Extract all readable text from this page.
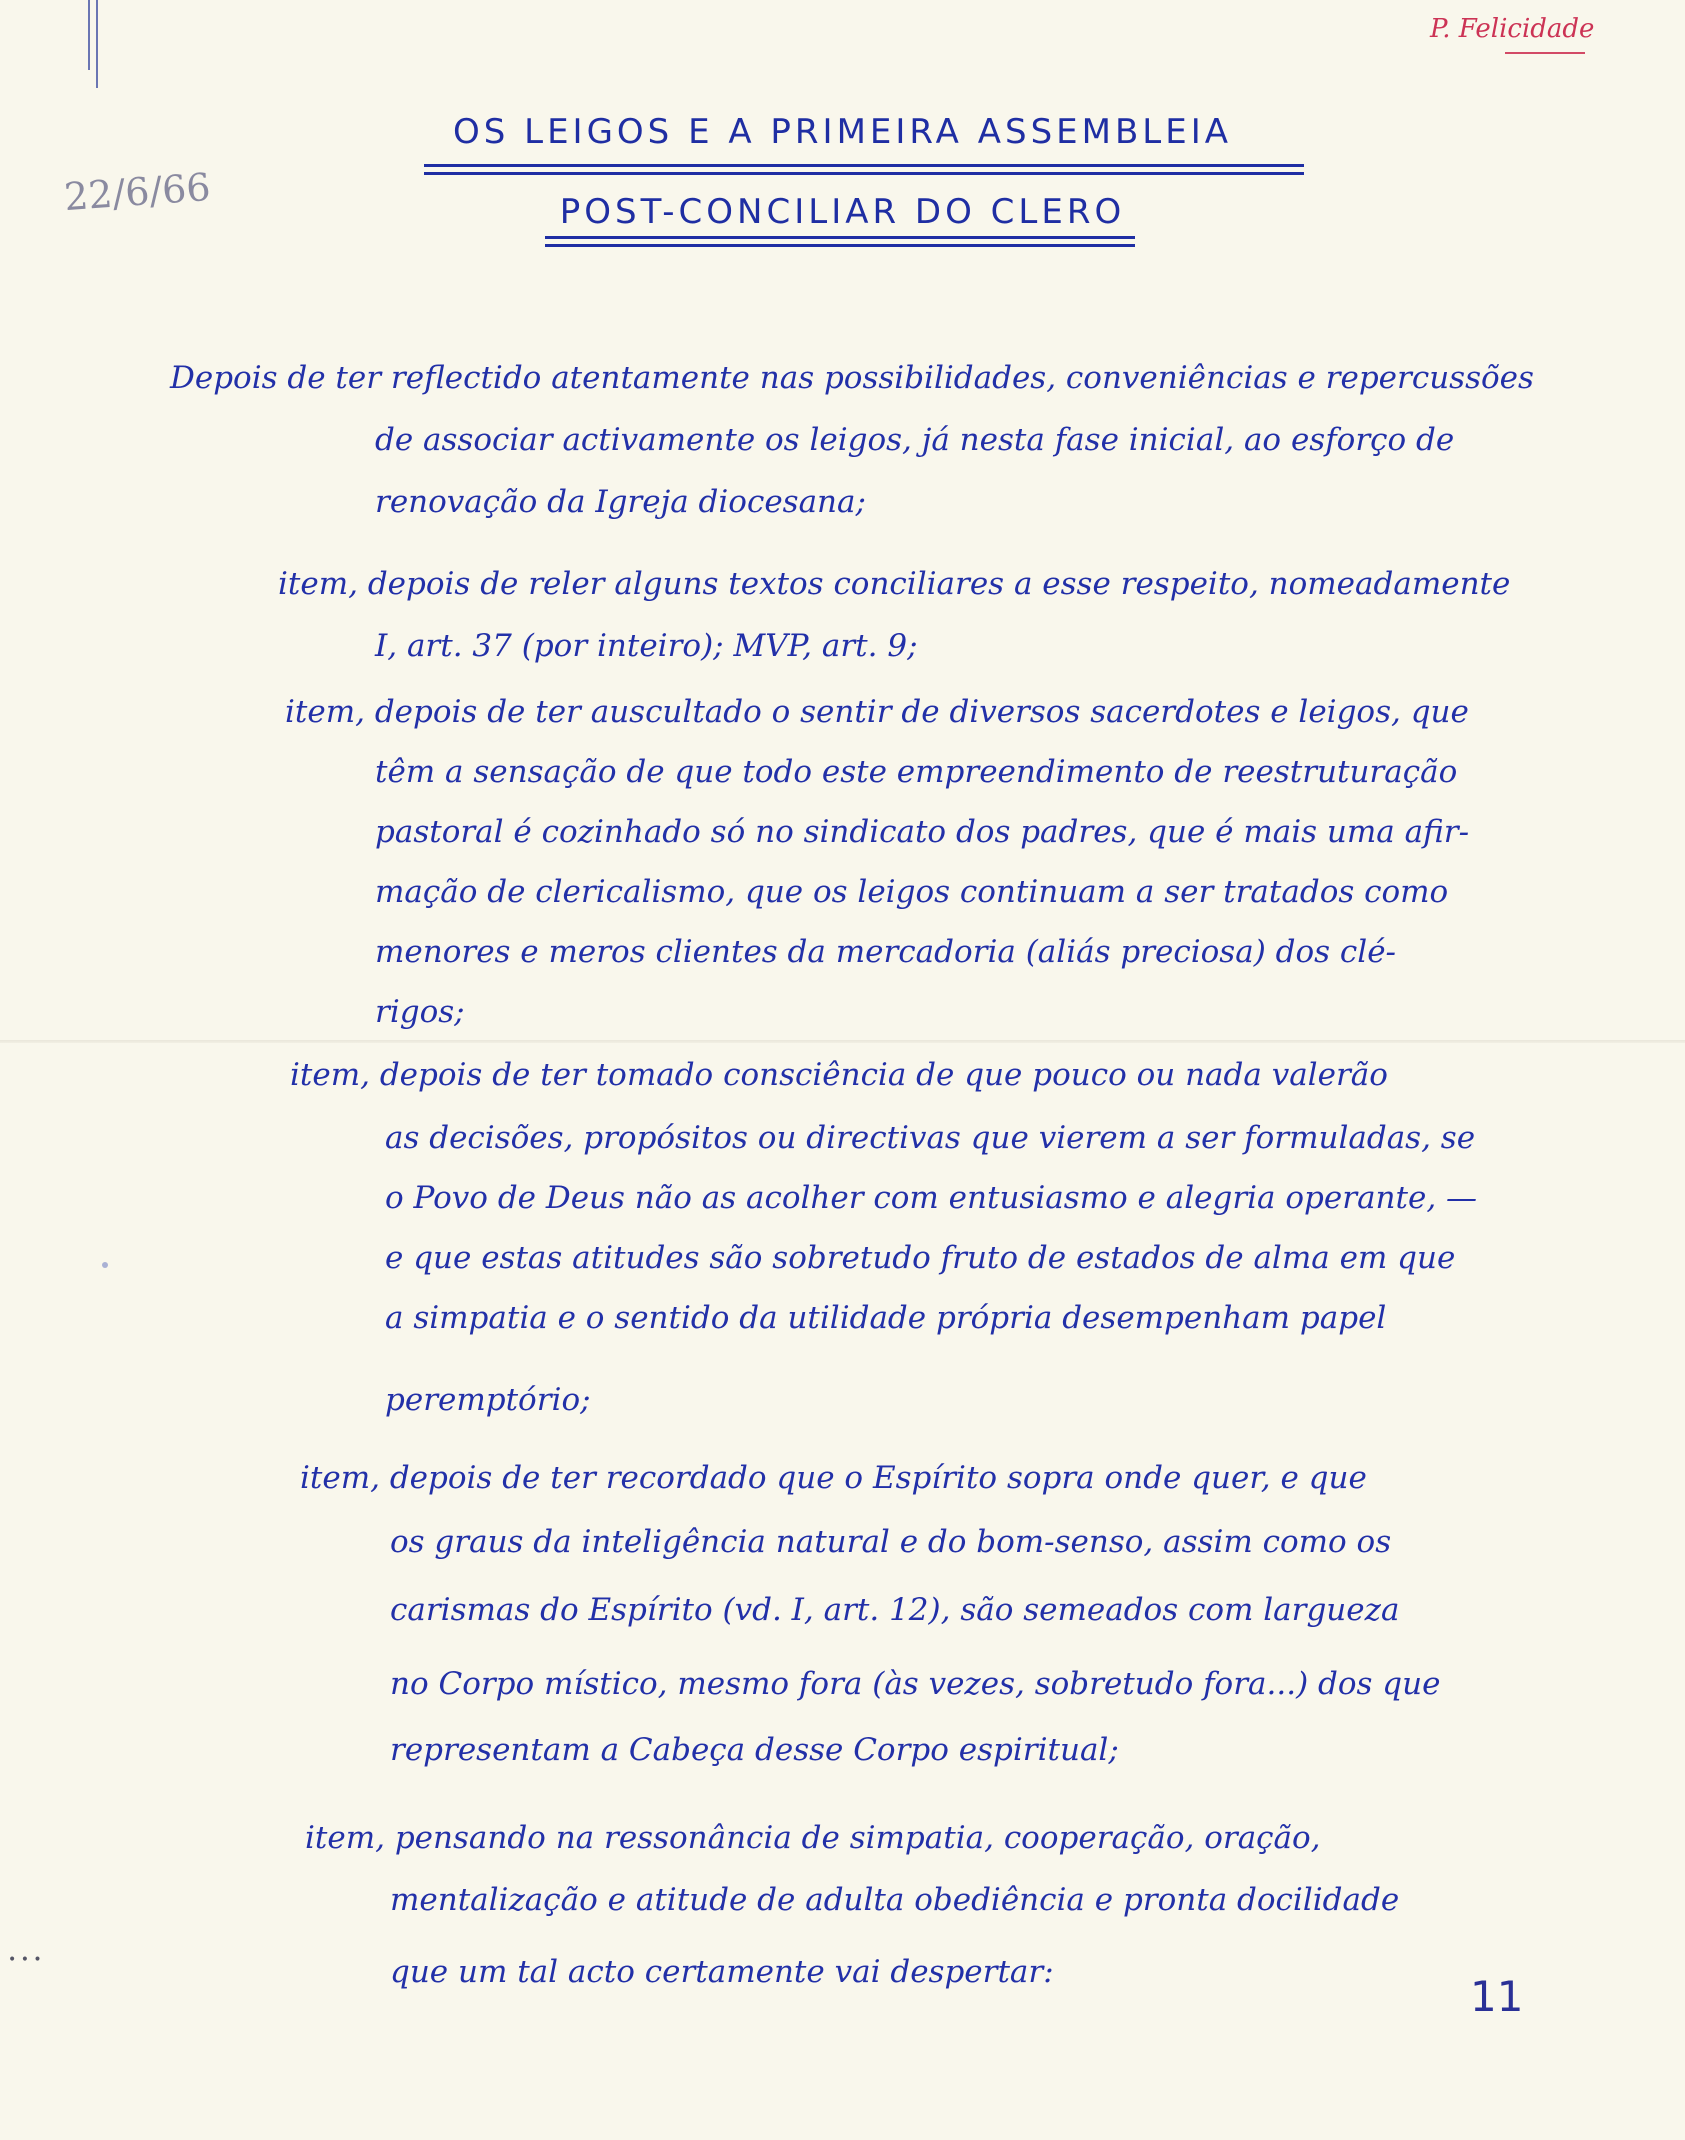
P. Felicidade
22/6/66
OS LEIGOS E A PRIMEIRA ASSEMBLEIA
POST-CONCILIAR DO CLERO
Depois de ter reflectido atentamente nas possibilidades, conveniências e repercussões
de associar activamente os leigos, já nesta fase inicial, ao esforço de
renovação da Igreja diocesana;
item, depois de reler alguns textos conciliares a esse respeito, nomeadamente
I, art. 37 (por inteiro); MVP, art. 9;
item, depois de ter auscultado o sentir de diversos sacerdotes e leigos, que
têm a sensação de que todo este empreendimento de reestruturação
pastoral é cozinhado só no sindicato dos padres, que é mais uma afir-
mação de clericalismo, que os leigos continuam a ser tratados como
menores e meros clientes da mercadoria (aliás preciosa) dos clé-
rigos;
item, depois de ter tomado consciência de que pouco ou nada valerão
as decisões, propósitos ou directivas que vierem a ser formuladas, se
o Povo de Deus não as acolher com entusiasmo e alegria operante, —
e que estas atitudes são sobretudo fruto de estados de alma em que
a simpatia e o sentido da utilidade própria desempenham papel
peremptório;
item, depois de ter recordado que o Espírito sopra onde quer, e que
os graus da inteligência natural e do bom-senso, assim como os
carismas do Espírito (vd. I, art. 12), são semeados com largueza
no Corpo místico, mesmo fora (às vezes, sobretudo fora...) dos que
representam a Cabeça desse Corpo espiritual;
item, pensando na ressonância de simpatia, cooperação, oração,
mentalização e atitude de adulta obediência e pronta docilidade
que um tal acto certamente vai despertar:
• • •
11
